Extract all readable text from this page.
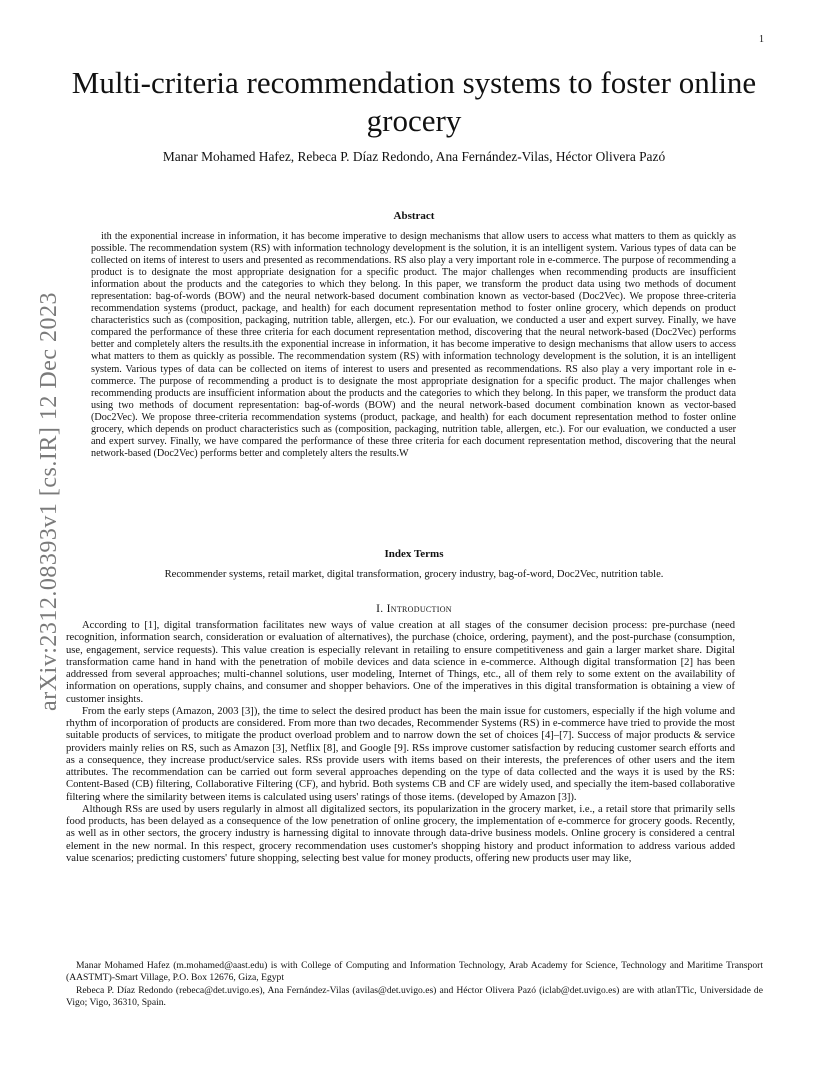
1
arXiv:2312.08393v1 [cs.IR] 12 Dec 2023
Multi-criteria recommendation systems to foster online grocery
Manar Mohamed Hafez, Rebeca P. Díaz Redondo, Ana Fernández-Vilas, Héctor Olivera Pazó
Abstract
ith the exponential increase in information, it has become imperative to design mechanisms that allow users to access what matters to them as quickly as possible. The recommendation system (RS) with information technology development is the solution, it is an intelligent system. Various types of data can be collected on items of interest to users and presented as recommendations. RS also play a very important role in e-commerce. The purpose of recommending a product is to designate the most appropriate designation for a specific product. The major challenges when recommending products are insufficient information about the products and the categories to which they belong. In this paper, we transform the product data using two methods of document representation: bag-of-words (BOW) and the neural network-based document combination known as vector-based (Doc2Vec). We propose three-criteria recommendation systems (product, package, and health) for each document representation method to foster online grocery, which depends on product characteristics such as (composition, packaging, nutrition table, allergen, etc.). For our evaluation, we conducted a user and expert survey. Finally, we have compared the performance of these three criteria for each document representation method, discovering that the neural network-based (Doc2Vec) performs better and completely alters the results.ith the exponential increase in information, it has become imperative to design mechanisms that allow users to access what matters to them as quickly as possible. The recommendation system (RS) with information technology development is the solution, it is an intelligent system. Various types of data can be collected on items of interest to users and presented as recommendations. RS also play a very important role in e-commerce. The purpose of recommending a product is to designate the most appropriate designation for a specific product. The major challenges when recommending products are insufficient information about the products and the categories to which they belong. In this paper, we transform the product data using two methods of document representation: bag-of-words (BOW) and the neural network-based document combination known as vector-based (Doc2Vec). We propose three-criteria recommendation systems (product, package, and health) for each document representation method to foster online grocery, which depends on product characteristics such as (composition, packaging, nutrition table, allergen, etc.). For our evaluation, we conducted a user and expert survey. Finally, we have compared the performance of these three criteria for each document representation method, discovering that the neural network-based (Doc2Vec) performs better and completely alters the results.W
Index Terms
Recommender systems, retail market, digital transformation, grocery industry, bag-of-word, Doc2Vec, nutrition table.
I. Introduction

According to [1], digital transformation facilitates new ways of value creation at all stages of the consumer decision process: pre-purchase (need recognition, information search, consideration or evaluation of alternatives), the purchase (choice, ordering, payment), and the post-purchase (consumption, use, engagement, service requests). This value creation is especially relevant in retailing to ensure competitiveness and gain a larger market share. Digital transformation came hand in hand with the penetration of mobile devices and data science in e-commerce. Although digital transformation [2] has been addressed from several approaches; multi-channel solutions, user modeling, Internet of Things, etc., all of them rely to some extent on the availability of information on operations, supply chains, and consumer and shopper behaviors. One of the imperatives in this digital transformation is obtaining a view of customer insights.

From the early steps (Amazon, 2003 [3]), the time to select the desired product has been the main issue for customers, especially if the high volume and rhythm of incorporation of products are considered. From more than two decades, Recommender Systems (RS) in e-commerce have tried to provide the most suitable products of services, to mitigate the product overload problem and to narrow down the set of choices [4]–[7]. Success of major products & service providers mainly relies on RS, such as Amazon [3], Netflix [8], and Google [9]. RSs improve customer satisfaction by reducing customer search efforts and as a consequence, they increase product/service sales. RSs provide users with items based on their interests, the preferences of other users and the item attributes. The recommendation can be carried out form several approaches depending on the type of data collected and the ways it is used by the RS: Content-Based (CB) filtering, Collaborative Filtering (CF), and hybrid. Both systems CB and CF are widely used, and specially the item-based collaborative filtering where the similarity between items is calculated using users' ratings of those items. (developed by Amazon [3]).

Although RSs are used by users regularly in almost all digitalized sectors, its popularization in the grocery market, i.e., a retail store that primarily sells food products, has been delayed as a consequence of the low penetration of online grocery, the implementation of e-commerce for grocery goods. Recently, as well as in other sectors, the grocery industry is harnessing digital to innovate through data-drive business models. Online grocery is considered a central element in the new normal. In this respect, grocery recommendation uses customer's shopping history and product information to address various added value scenarios; predicting customers' future shopping, selecting best value for money products, offering new products user may like,

Manar Mohamed Hafez (m.mohamed@aast.edu) is with College of Computing and Information Technology, Arab Academy for Science, Technology and Maritime Transport (AASTMT)-Smart Village, P.O. Box 12676, Giza, Egypt

Rebeca P. Díaz Redondo (rebeca@det.uvigo.es), Ana Fernández-Vilas (avilas@det.uvigo.es) and Héctor Olivera Pazó (iclab@det.uvigo.es) are with atlanTTic, Universidade de Vigo; Vigo, 36310, Spain.
